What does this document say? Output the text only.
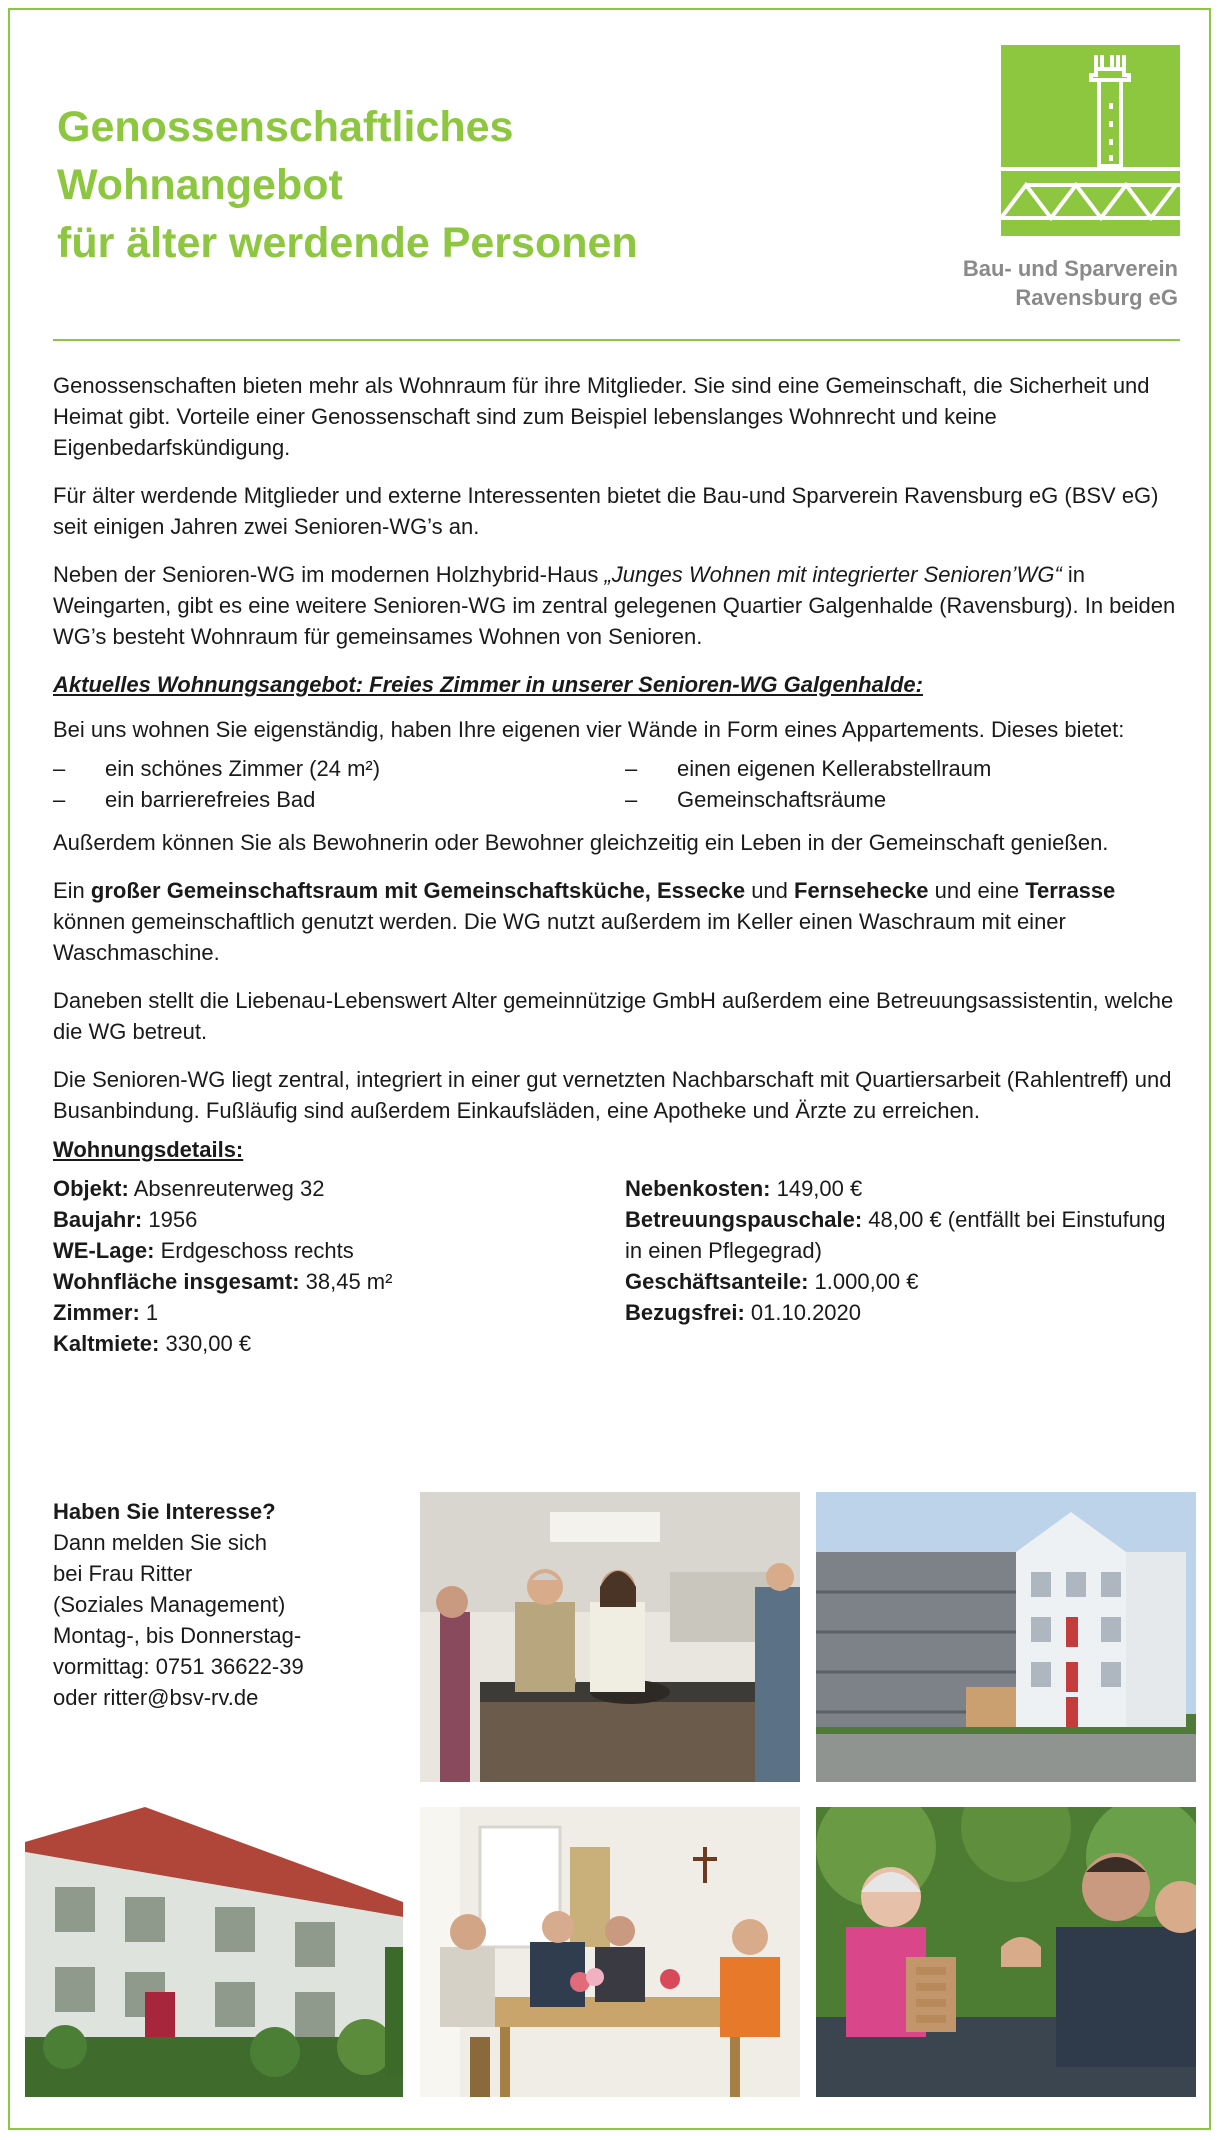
Genossenschaftliches
Wohnangebot
für älter werdende Personen
Bau- und Sparverein
Ravensburg eG

Genossenschaften bieten mehr als Wohnraum für ihre Mitglieder. Sie sind eine Gemeinschaft, die Sicherheit und Heimat gibt. Vorteile einer Genossenschaft sind zum Beispiel lebenslanges Wohnrecht und keine Eigenbedarfskündigung.

Für älter werdende Mitglieder und externe Interessenten bietet die Bau-und Sparverein Ravensburg eG (BSV eG) seit einigen Jahren zwei Senioren-WG’s an.

Neben der Senioren-WG im modernen Holzhybrid-Haus „Junges Wohnen mit integrierter Senioren’WG“ in Weingarten, gibt es eine weitere Senioren-WG im zentral gelegenen Quartier Galgenhalde (Ravensburg). In beiden WG’s besteht Wohnraum für gemeinsames Wohnen von Senioren.

Aktuelles Wohnungsangebot: Freies Zimmer in unserer Senioren-WG Galgenhalde:

Bei uns wohnen Sie eigenständig, haben Ihre eigenen vier Wände in Form eines Appartements. Dieses bietet:

–	ein schönes Zimmer (24 m²)	–	einen eigenen Kellerabstellraum
–	ein barrierefreies Bad	–	Gemeinschaftsräume

Außerdem können Sie als Bewohnerin oder Bewohner gleichzeitig ein Leben in der Gemeinschaft genießen.

Ein großer Gemeinschaftsraum mit Gemeinschaftsküche, Essecke und Fernsehecke und eine Terrasse können gemeinschaftlich genutzt werden. Die WG nutzt außerdem im Keller einen Waschraum mit einer Waschmaschine.

Daneben stellt die Liebenau-Lebenswert Alter gemeinnützige GmbH außerdem eine Betreuungsassistentin, welche die WG betreut.

Die Senioren-WG liegt zentral, integriert in einer gut vernetzten Nachbarschaft mit Quartiersarbeit (Rahlentreff) und Busanbindung. Fußläufig sind außerdem Einkaufsläden, eine Apotheke und Ärzte zu erreichen.

Wohnungsdetails:
Objekt: Absenreuterweg 32
Baujahr: 1956
WE-Lage: Erdgeschoss rechts
Wohnfläche insgesamt: 38,45 m²
Zimmer: 1
Kaltmiete: 330,00 €
Nebenkosten: 149,00 €
Betreuungspauschale: 48,00 € (entfällt bei Einstufung in einen Pflegegrad)
Geschäftsanteile: 1.000,00 €
Bezugsfrei: 01.10.2020
Haben Sie Interesse?
Dann melden Sie sich
bei Frau Ritter
(Soziales Management)
Montag-, bis Donnerstag-
vormittag: 0751 36622-39
oder ritter@bsv-rv.de
